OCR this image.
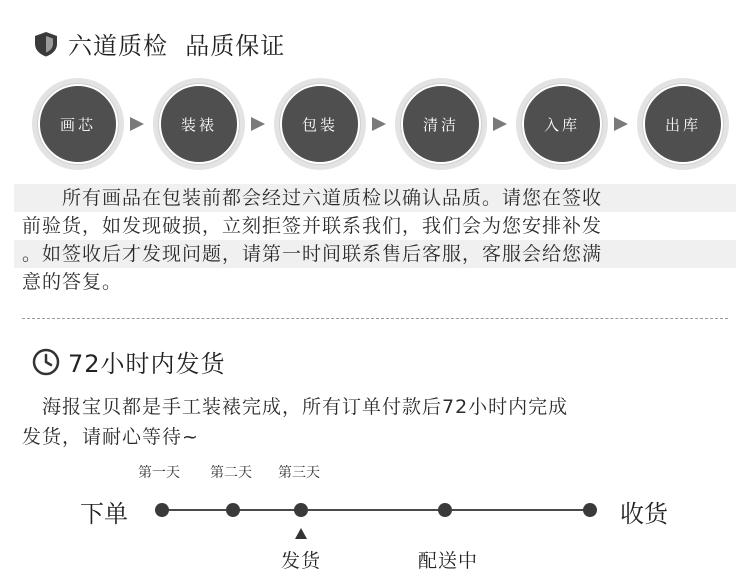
六道质检  品质保证
画芯	装裱	包装	清洁	入库	出库
　　所有画品在包装前都会经过六道质检以确认品质。请您在签收
前验货，如发现破损，立刻拒签并联系我们，我们会为您安排补发
。如签收后才发现问题，请第一时间联系售后客服，客服会给您满
意的答复。
72小时内发货
　海报宝贝都是手工装裱完成，所有订单付款后72小时内完成
发货，请耐心等待~
第一天 第二天 第三天
下单	收货
发货	配送中
